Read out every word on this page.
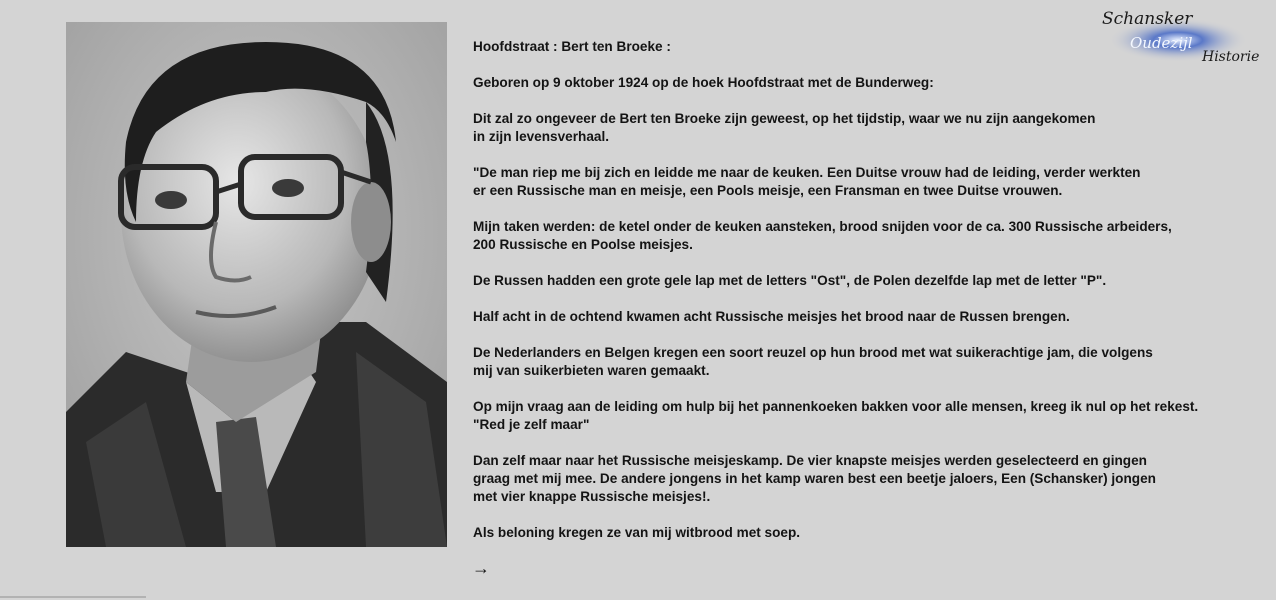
Schansker
Oudezijl
Historie
Hoofdstraat : Bert ten Broeke :
Geboren op 9 oktober 1924 op de hoek Hoofdstraat met de Bunderweg:
Dit zal zo ongeveer de Bert ten Broeke zijn geweest, op het tijdstip, waar we nu zijn aangekomen
in zijn levensverhaal.
"De man riep me bij zich en leidde me naar de keuken. Een Duitse vrouw had de leiding, verder werkten
er een Russische man en meisje, een Pools meisje, een Fransman en twee Duitse vrouwen.
Mijn taken werden: de ketel onder de keuken aansteken, brood snijden voor de ca. 300 Russische arbeiders,
200 Russische en Poolse meisjes.
De Russen hadden een grote gele lap met de letters "Ost", de Polen dezelfde lap met de letter "P".
Half acht in de ochtend kwamen acht Russische meisjes het brood naar de Russen brengen.
De Nederlanders en Belgen kregen een soort reuzel op hun brood met wat suikerachtige jam, die volgens
mij van suikerbieten waren gemaakt.
Op mijn vraag aan de leiding om hulp bij het pannenkoeken bakken voor alle mensen, kreeg ik nul op het rekest.
"Red je zelf maar"
Dan zelf maar naar het Russische meisjeskamp. De vier knapste meisjes werden geselecteerd en gingen
graag met mij mee. De andere jongens in het kamp waren best een beetje jaloers, Een (Schansker) jongen
met vier knappe Russische meisjes!.
Als beloning kregen ze van mij witbrood met soep.
→
